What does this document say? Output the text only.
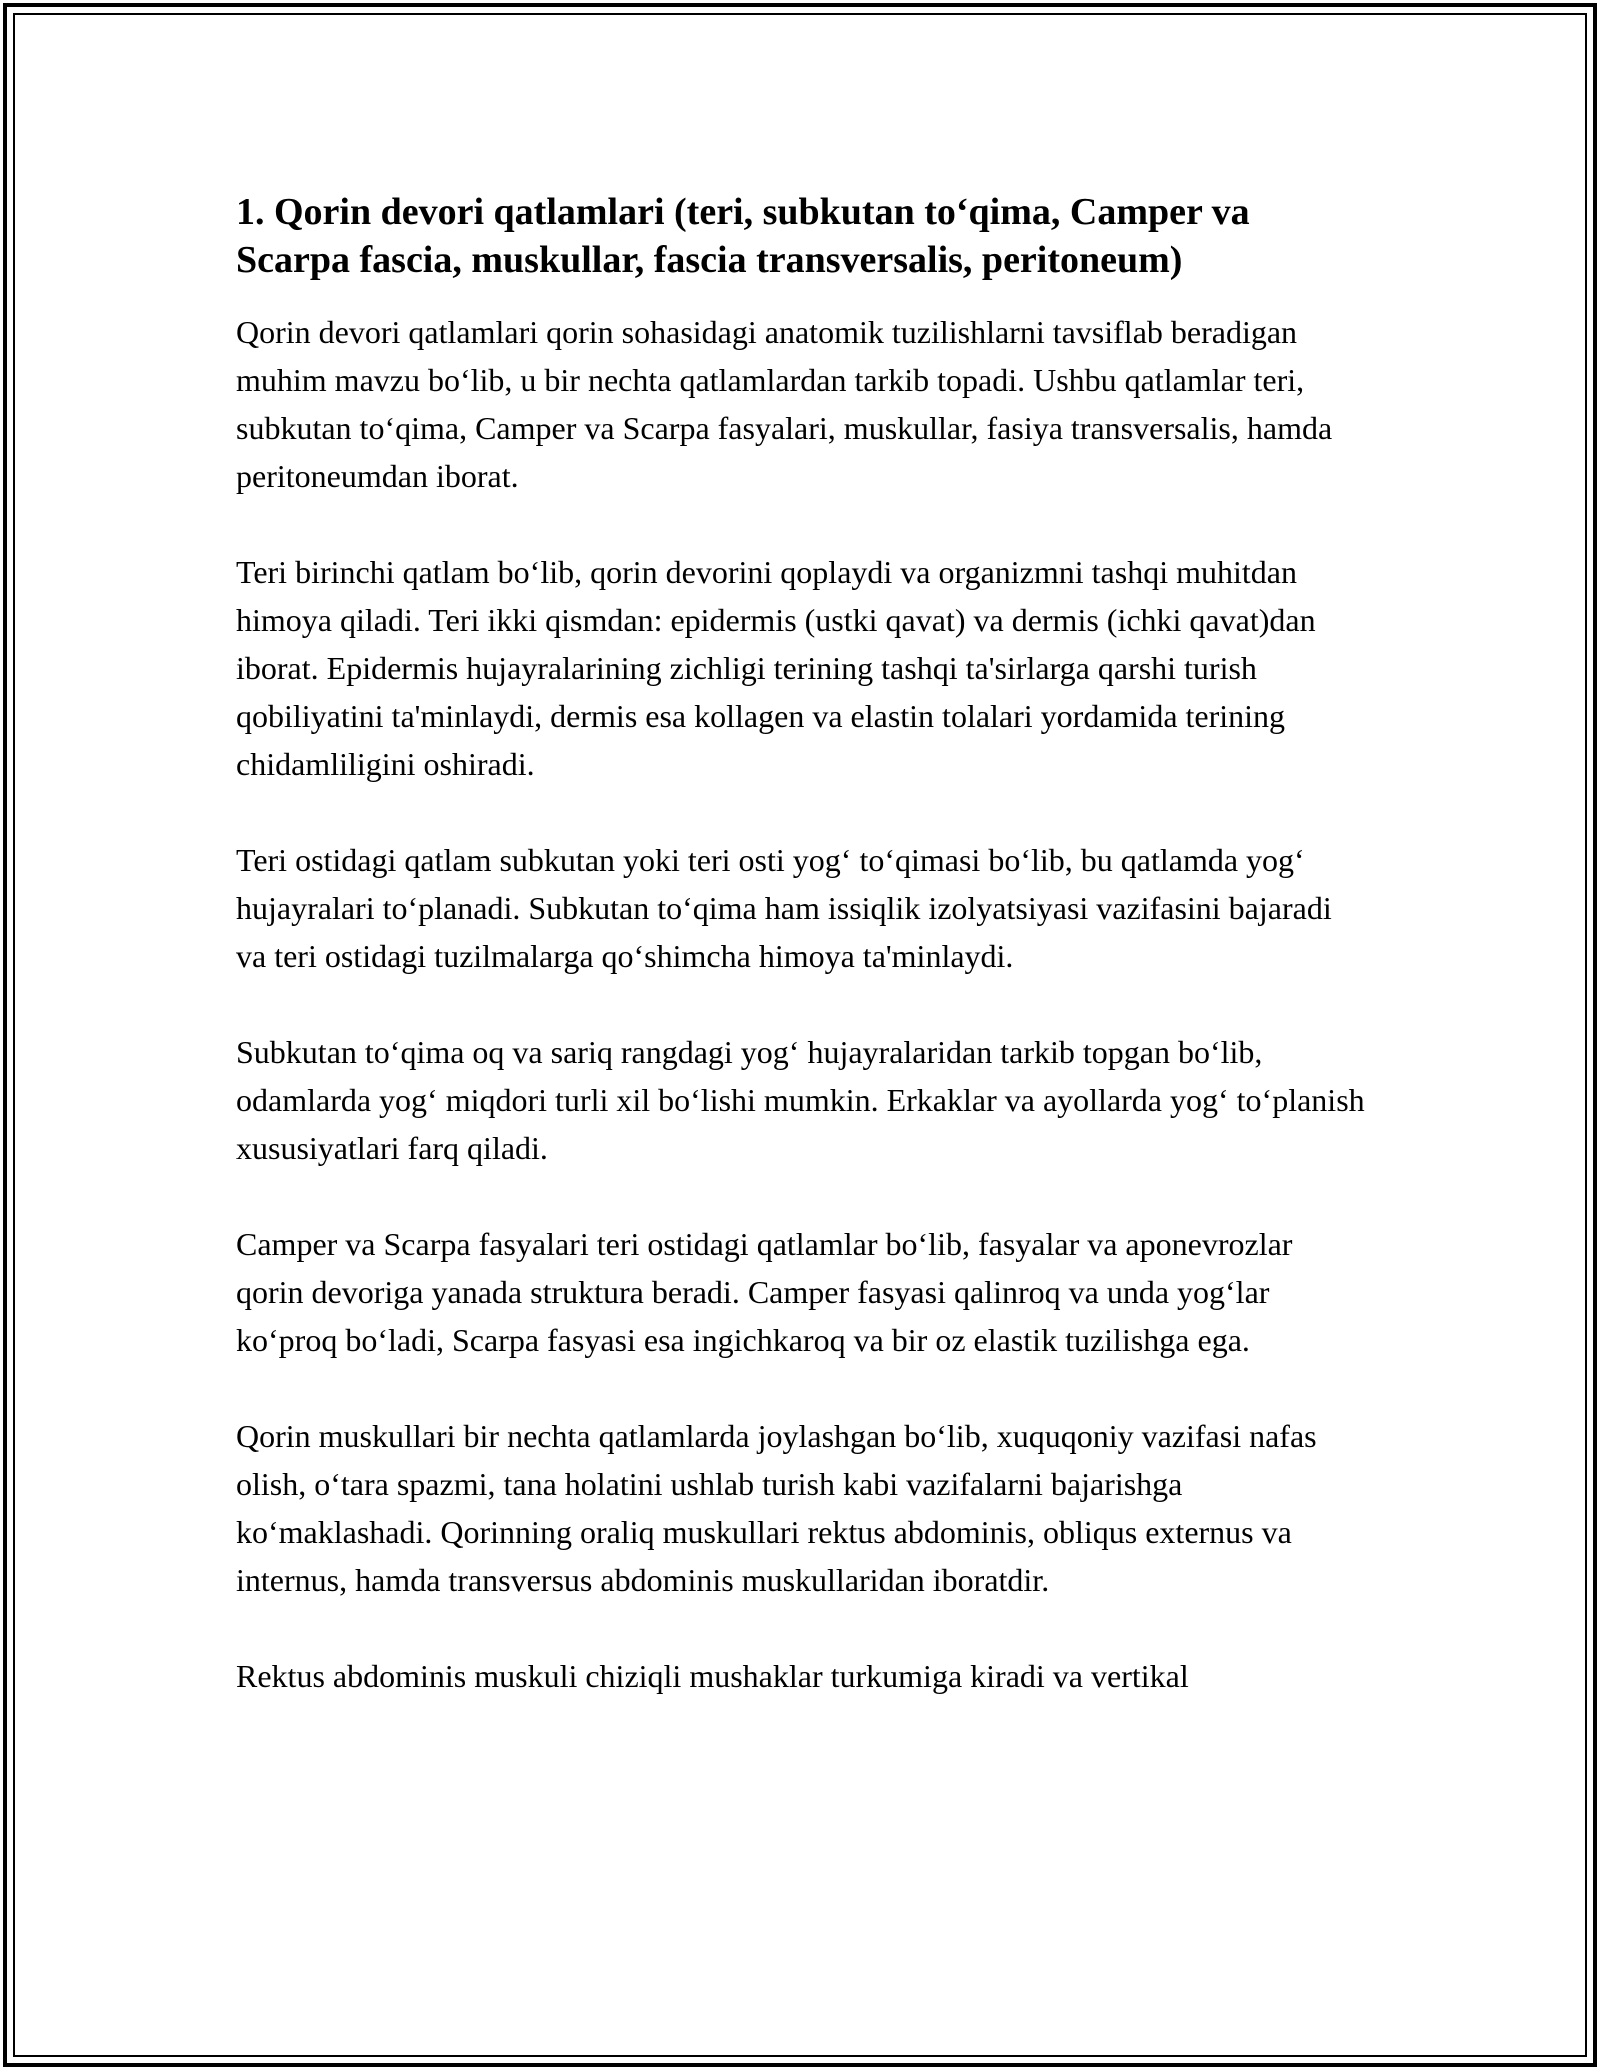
1. Qorin devori qatlamlari (teri, subkutan to‘qima, Camper va Scarpa fascia, muskullar, fascia transversalis, peritoneum)

Qorin devori qatlamlari qorin sohasidagi anatomik tuzilishlarni tavsiflab beradigan muhim mavzu bo‘lib, u bir nechta qatlamlardan tarkib topadi. Ushbu qatlamlar teri, subkutan to‘qima, Camper va Scarpa fasyalari, muskullar, fasiya transversalis, hamda peritoneumdan iborat.

Teri birinchi qatlam bo‘lib, qorin devorini qoplaydi va organizmni tashqi muhitdan himoya qiladi. Teri ikki qismdan: epidermis (ustki qavat) va dermis (ichki qavat)dan iborat. Epidermis hujayralarining zichligi terining tashqi ta'sirlarga qarshi turish qobiliyatini ta'minlaydi, dermis esa kollagen va elastin tolalari yordamida terining chidamliligini oshiradi.

Teri ostidagi qatlam subkutan yoki teri osti yog‘ to‘qimasi bo‘lib, bu qatlamda yog‘ hujayralari to‘planadi. Subkutan to‘qima ham issiqlik izolyatsiyasi vazifasini bajaradi va teri ostidagi tuzilmalarga qo‘shimcha himoya ta'minlaydi.

Subkutan to‘qima oq va sariq rangdagi yog‘ hujayralaridan tarkib topgan bo‘lib, odamlarda yog‘ miqdori turli xil bo‘lishi mumkin. Erkaklar va ayollarda yog‘ to‘planish xususiyatlari farq qiladi.

Camper va Scarpa fasyalari teri ostidagi qatlamlar bo‘lib, fasyalar va aponevrozlar qorin devoriga yanada struktura beradi. Camper fasyasi qalinroq va unda yog‘lar ko‘proq bo‘ladi, Scarpa fasyasi esa ingichkaroq va bir oz elastik tuzilishga ega.

Qorin muskullari bir nechta qatlamlarda joylashgan bo‘lib, xuquqoniy vazifasi nafas olish, o‘tara spazmi, tana holatini ushlab turish kabi vazifalarni bajarishga ko‘maklashadi. Qorinning oraliq muskullari rektus abdominis, obliqus externus va internus, hamda transversus abdominis muskullaridan iboratdir.

Rektus abdominis muskuli chiziqli mushaklar turkumiga kiradi va vertikal
